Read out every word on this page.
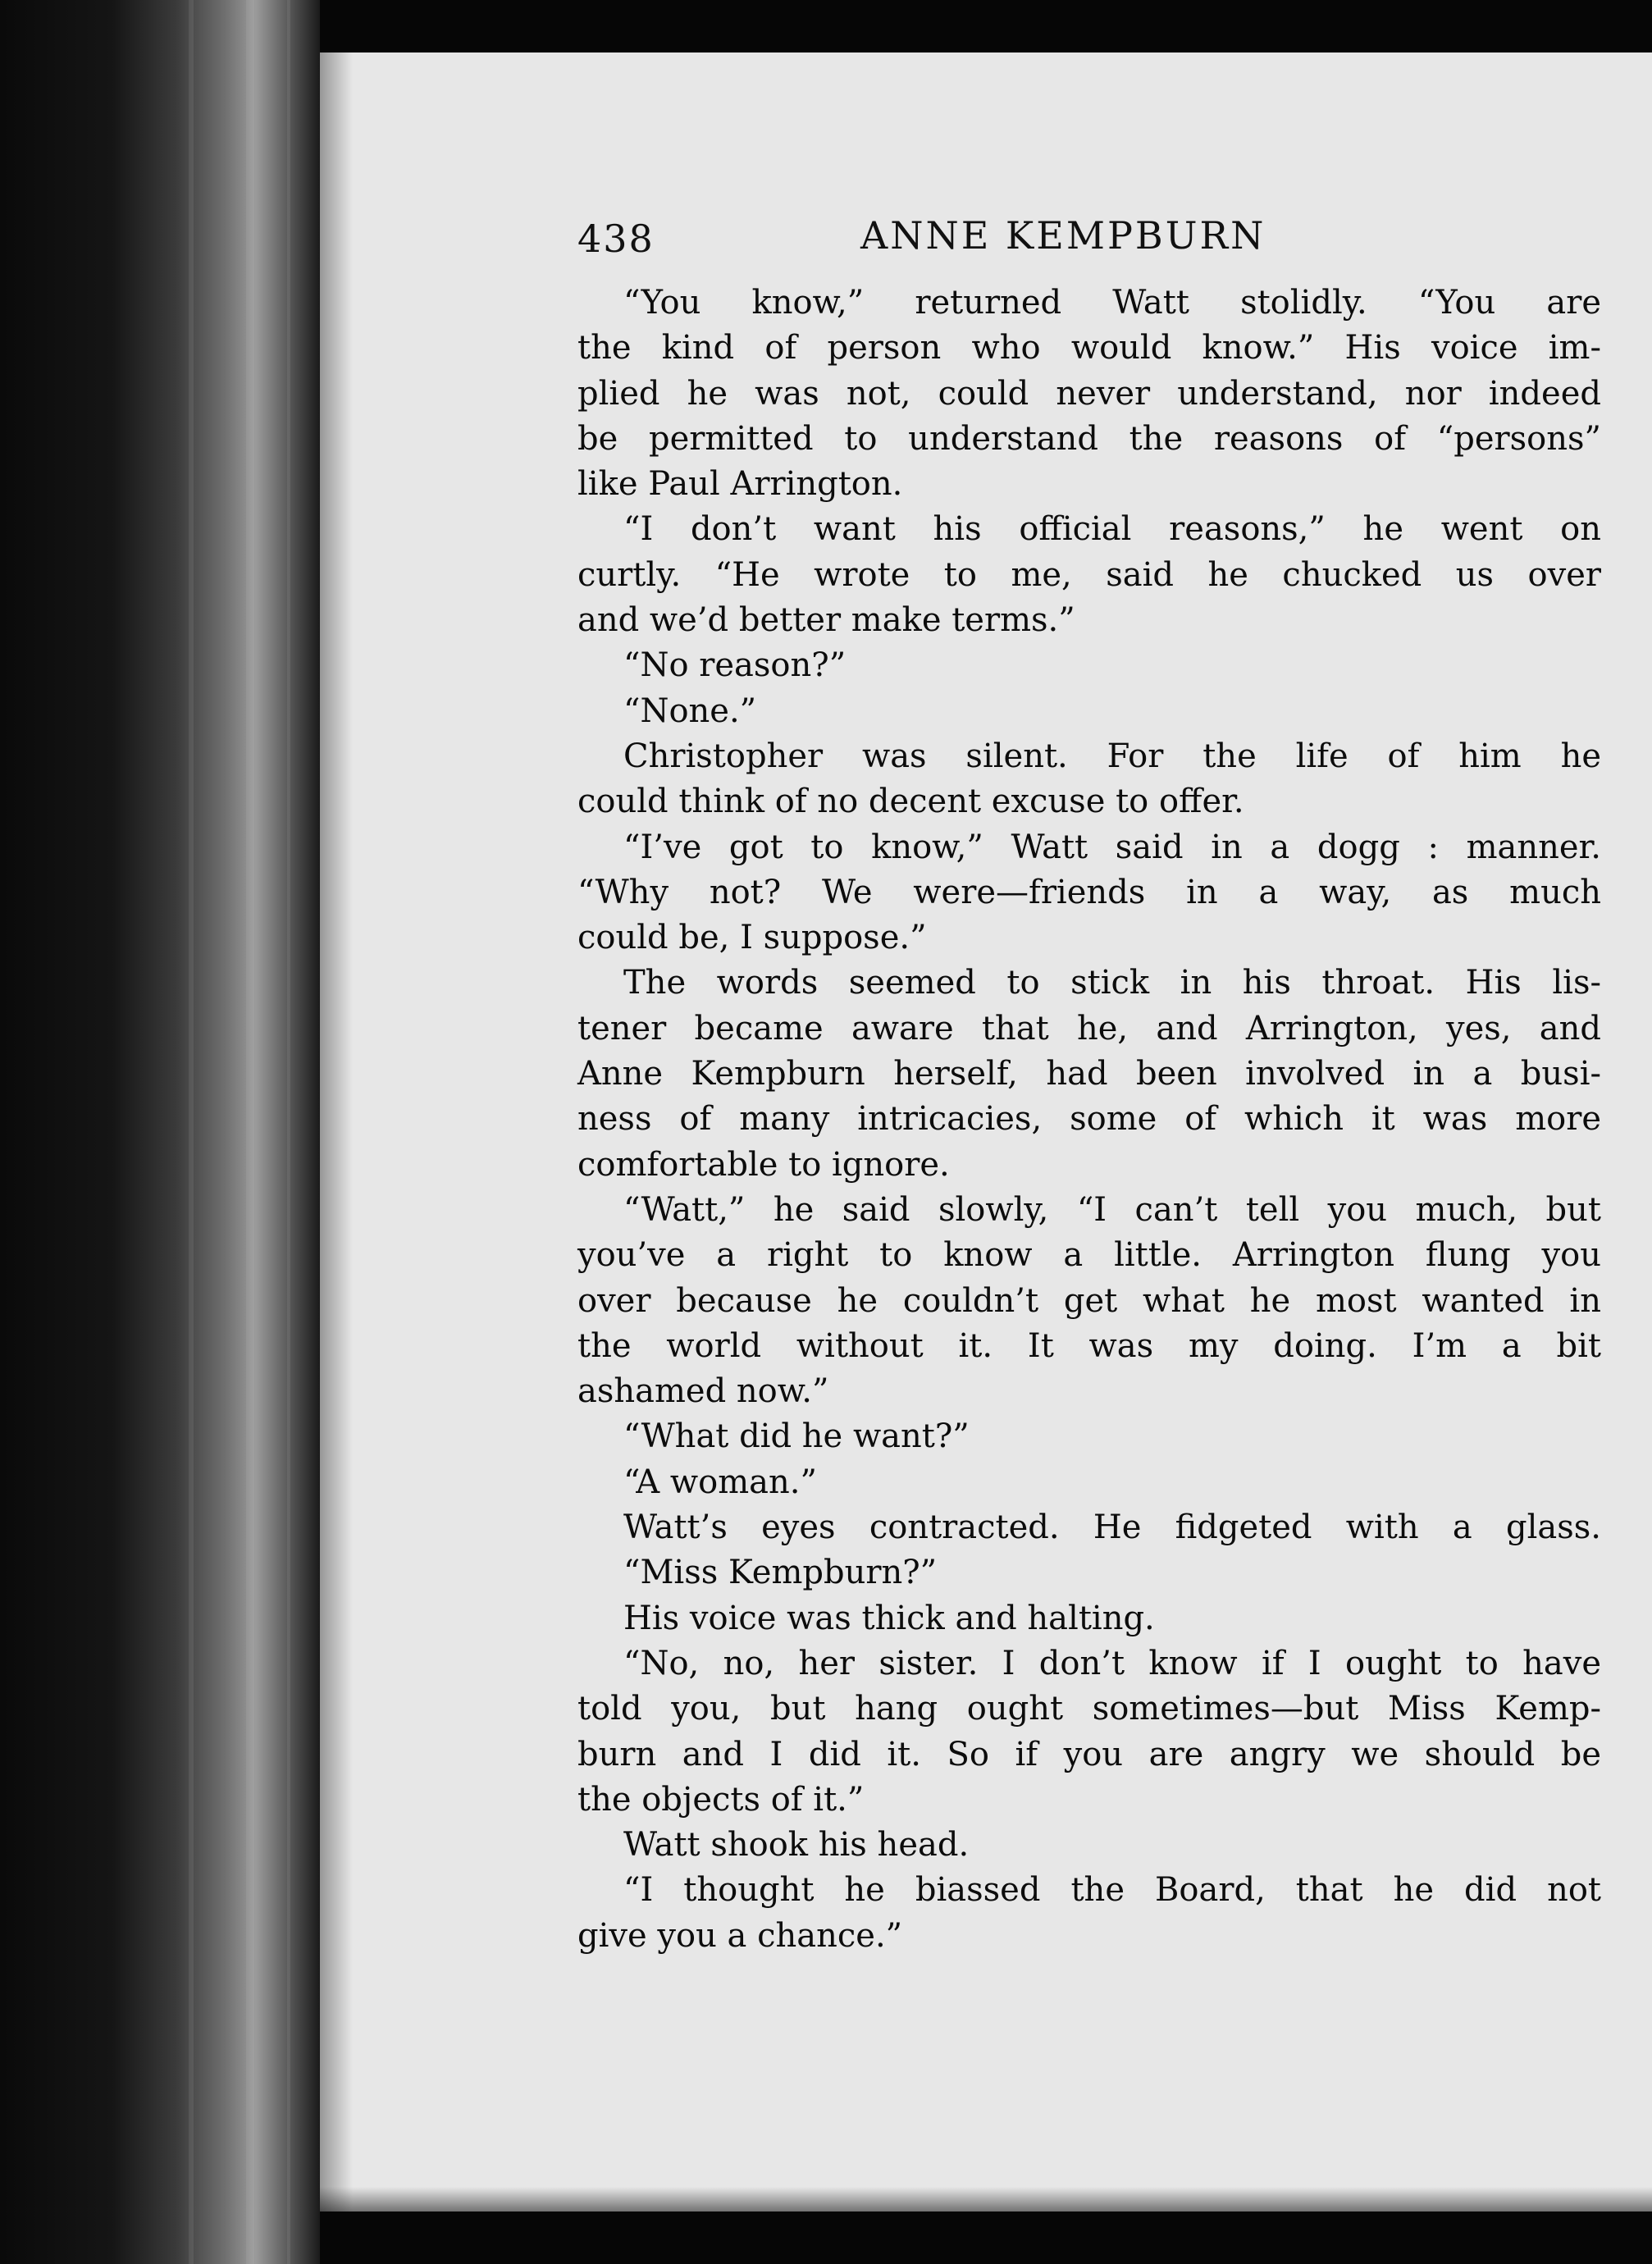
438	ANNE KEMPBURN
“You know,” returned Watt stolidly. “You are
the kind of person who would know.” His voice im-
plied he was not, could never understand, nor indeed
be permitted to understand the reasons of “persons”
like Paul Arrington.
“I don’t want his official reasons,” he went on
curtly. “He wrote to me, said he chucked us over
and we’d better make terms.”
“No reason?”
“None.”
Christopher was silent. For the life of him he
could think of no decent excuse to offer.
“I’ve got to know,” Watt said in a dogg : manner.
“Why not? We were—friends in a way, as much
could be, I suppose.”
The words seemed to stick in his throat. His lis-
tener became aware that he, and Arrington, yes, and
Anne Kempburn herself, had been involved in a busi-
ness of many intricacies, some of which it was more
comfortable to ignore.
“Watt,” he said slowly, “I can’t tell you much, but
you’ve a right to know a little. Arrington flung you
over because he couldn’t get what he most wanted in
the world without it. It was my doing. I’m a bit
ashamed now.”
“What did he want?”
“A woman.”
Watt’s eyes contracted. He fidgeted with a glass.
“Miss Kempburn?”
His voice was thick and halting.
“No, no, her sister. I don’t know if I ought to have
told you, but hang ought sometimes—but Miss Kemp-
burn and I did it. So if you are angry we should be
the objects of it.”
Watt shook his head.
“I thought he biassed the Board, that he did not
give you a chance.”
